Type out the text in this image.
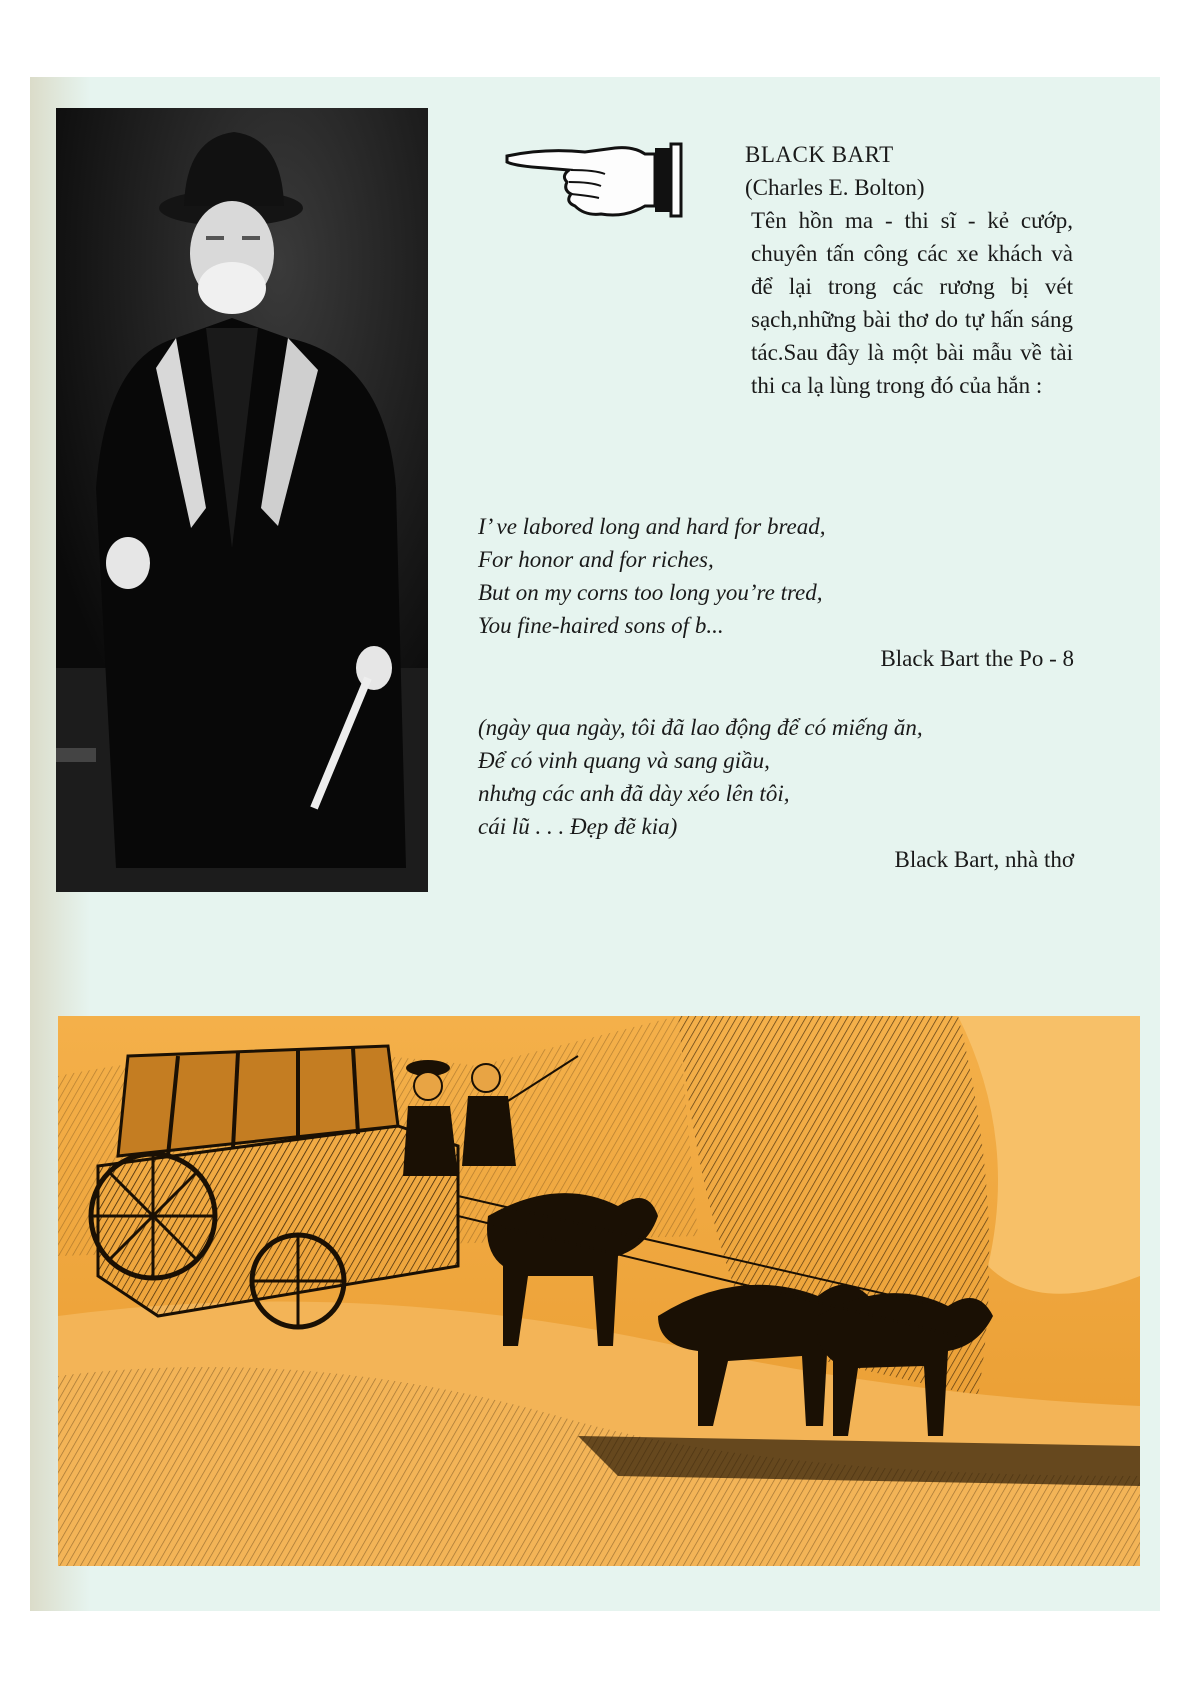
BLACK BART
(Charles E. Bolton)
Tên hồn ma - thi sĩ - kẻ cướp, chuyên tấn công các xe khách và để lại trong các rương bị vét sạch,những bài thơ do tự hấn sáng tác.Sau đây là một bài mẫu về tài thi ca lạ lùng trong đó của hắn :
I’ ve labored long and hard for bread,
For honor and for riches,
But on my corns too long you’re tred,
You fine-haired sons of b...
Black Bart the Po - 8
(ngày qua ngày, tôi đã lao động để có miếng ăn,
Để có vinh quang và sang giầu,
nhưng các anh đã dày xéo lên tôi,
cái lũ . . . Đẹp đẽ kia)
Black Bart, nhà thơ
